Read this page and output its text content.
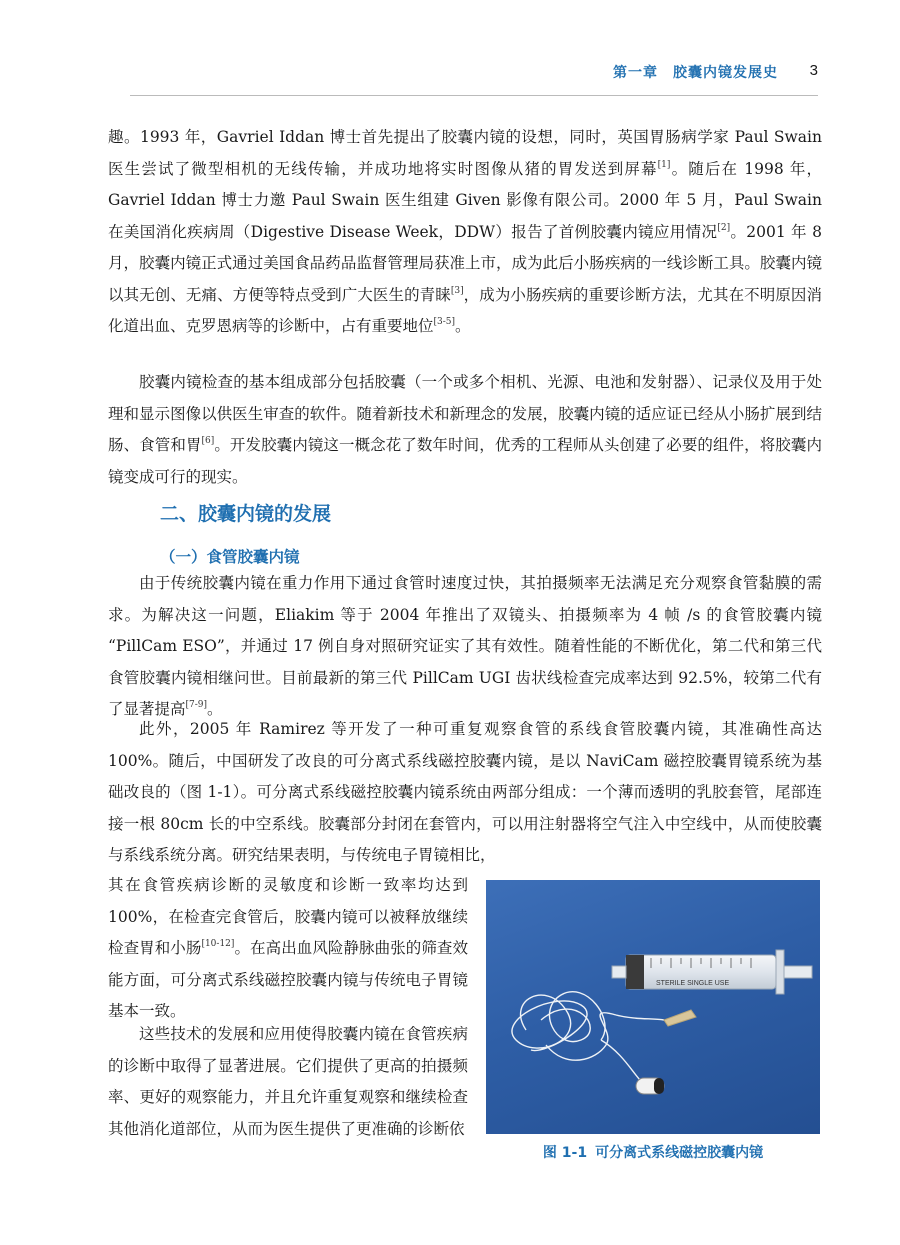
第一章　胶囊内镜发展史 3

趣。1993 年，Gavriel Iddan 博士首先提出了胶囊内镜的设想，同时，英国胃肠病学家 Paul Swain 医生尝试了微型相机的无线传输，并成功地将实时图像从猪的胃发送到屏幕[1]。随后在 1998 年，Gavriel Iddan 博士力邀 Paul Swain 医生组建 Given 影像有限公司。2000 年 5 月，Paul Swain 在美国消化疾病周（Digestive Disease Week，DDW）报告了首例胶囊内镜应用情况[2]。2001 年 8 月，胶囊内镜正式通过美国食品药品监督管理局获准上市，成为此后小肠疾病的一线诊断工具。胶囊内镜以其无创、无痛、方便等特点受到广大医生的青睐[3]，成为小肠疾病的重要诊断方法，尤其在不明原因消化道出血、克罗恩病等的诊断中，占有重要地位[3-5]。

胶囊内镜检查的基本组成部分包括胶囊（一个或多个相机、光源、电池和发射器）、记录仪及用于处理和显示图像以供医生审查的软件。随着新技术和新理念的发展，胶囊内镜的适应证已经从小肠扩展到结肠、食管和胃[6]。开发胶囊内镜这一概念花了数年时间，优秀的工程师从头创建了必要的组件，将胶囊内镜变成可行的现实。

二、胶囊内镜的发展
（一）食管胶囊内镜

由于传统胶囊内镜在重力作用下通过食管时速度过快，其拍摄频率无法满足充分观察食管黏膜的需求。为解决这一问题，Eliakim 等于 2004 年推出了双镜头、拍摄频率为 4 帧 /s 的食管胶囊内镜 “PillCam ESO”，并通过 17 例自身对照研究证实了其有效性。随着性能的不断优化，第二代和第三代食管胶囊内镜相继问世。目前最新的第三代 PillCam UGI 齿状线检查完成率达到 92.5%，较第二代有了显著提高[7-9]。

此外，2005 年 Ramirez 等开发了一种可重复观察食管的系线食管胶囊内镜，其准确性高达 100%。随后，中国研发了改良的可分离式系线磁控胶囊内镜，是以 NaviCam 磁控胶囊胃镜系统为基础改良的（图 1-1）。可分离式系线磁控胶囊内镜系统由两部分组成：一个薄而透明的乳胶套管，尾部连接一根 80cm 长的中空系线。胶囊部分封闭在套管内，可以用注射器将空气注入中空线中，从而使胶囊与系线系统分离。研究结果表明，与传统电子胃镜相比，

其在食管疾病诊断的灵敏度和诊断一致率均达到 100%，在检查完食管后，胶囊内镜可以被释放继续检查胃和小肠[10-12]。在高出血风险静脉曲张的筛查效能方面，可分离式系线磁控胶囊内镜与传统电子胃镜基本一致。

这些技术的发展和应用使得胶囊内镜在食管疾病的诊断中取得了显著进展。它们提供了更高的拍摄频率、更好的观察能力，并且允许重复观察和继续检查其他消化道部位，从而为医生提供了更准确的诊断依

STERILE SINGLE USE
图 1-1 可分离式系线磁控胶囊内镜
